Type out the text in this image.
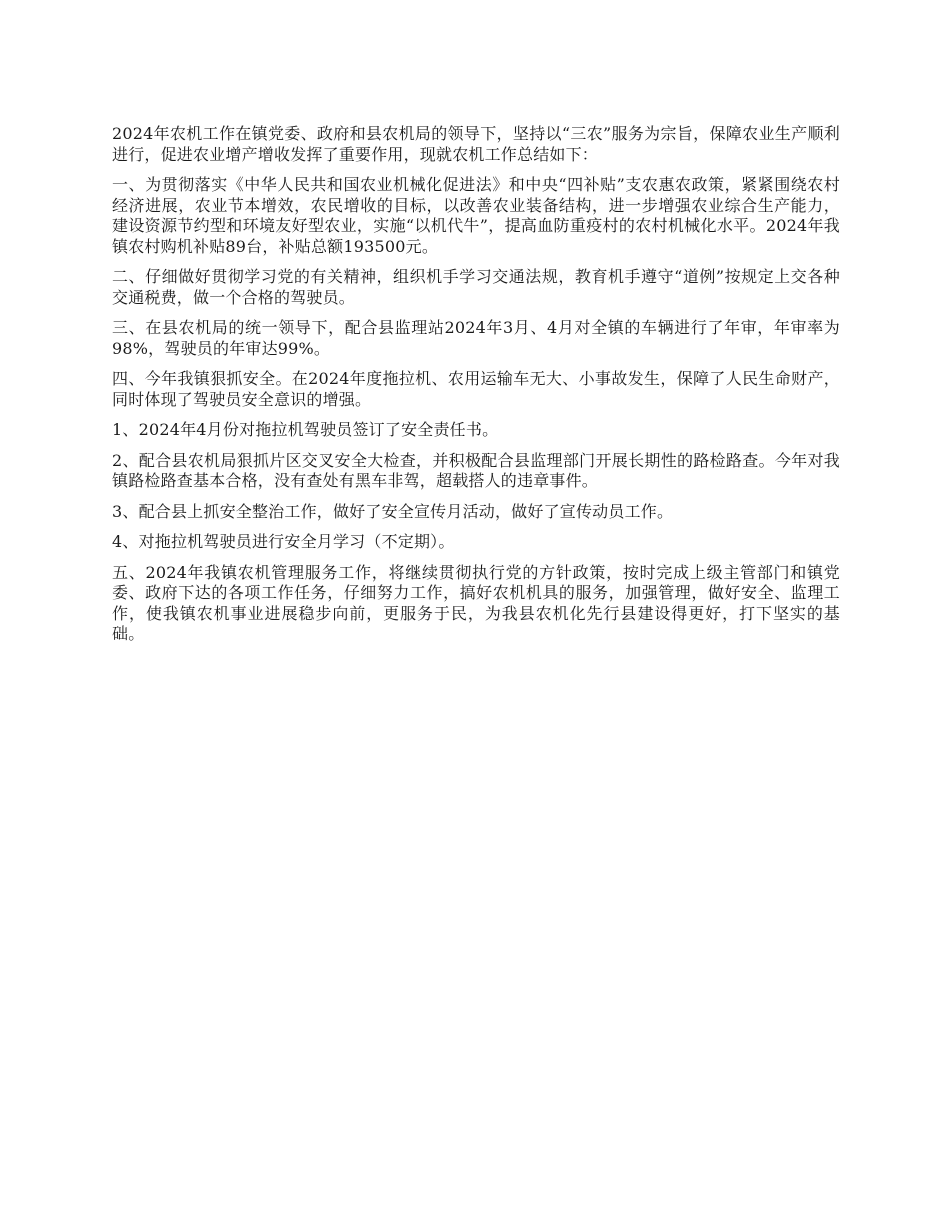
2024年农机工作在镇党委、政府和县农机局的领导下，坚持以“三农”服务为宗旨，保障农业生产顺利进行，促进农业增产增收发挥了重要作用，现就农机工作总结如下：

一、为贯彻落实《中华人民共和国农业机械化促进法》和中央“四补贴”支农惠农政策，紧紧围绕农村经济进展，农业节本增效，农民增收的目标，以改善农业装备结构，进一步增强农业综合生产能力，建设资源节约型和环境友好型农业，实施“以机代牛”，提高血防重疫村的农村机械化水平。2024年我镇农村购机补贴89台，补贴总额193500元。

二、仔细做好贯彻学习党的有关精神，组织机手学习交通法规，教育机手遵守“道例”按规定上交各种交通税费，做一个合格的驾驶员。

三、在县农机局的统一领导下，配合县监理站2024年3月、4月对全镇的车辆进行了年审，年审率为98%，驾驶员的年审达99%。

四、今年我镇狠抓安全。在2024年度拖拉机、农用运输车无大、小事故发生，保障了人民生命财产，同时体现了驾驶员安全意识的增强。

1、2024年4月份对拖拉机驾驶员签订了安全责任书。

2、配合县农机局狠抓片区交叉安全大检查，并积极配合县监理部门开展长期性的路检路查。今年对我镇路检路查基本合格，没有查处有黑车非驾，超载搭人的违章事件。

3、配合县上抓安全整治工作，做好了安全宣传月活动，做好了宣传动员工作。

4、对拖拉机驾驶员进行安全月学习（不定期）。

五、2024年我镇农机管理服务工作，将继续贯彻执行党的方针政策，按时完成上级主管部门和镇党委、政府下达的各项工作任务，仔细努力工作，搞好农机机具的服务，加强管理，做好安全、监理工作，使我镇农机事业进展稳步向前，更服务于民，为我县农机化先行县建设得更好，打下坚实的基础。
